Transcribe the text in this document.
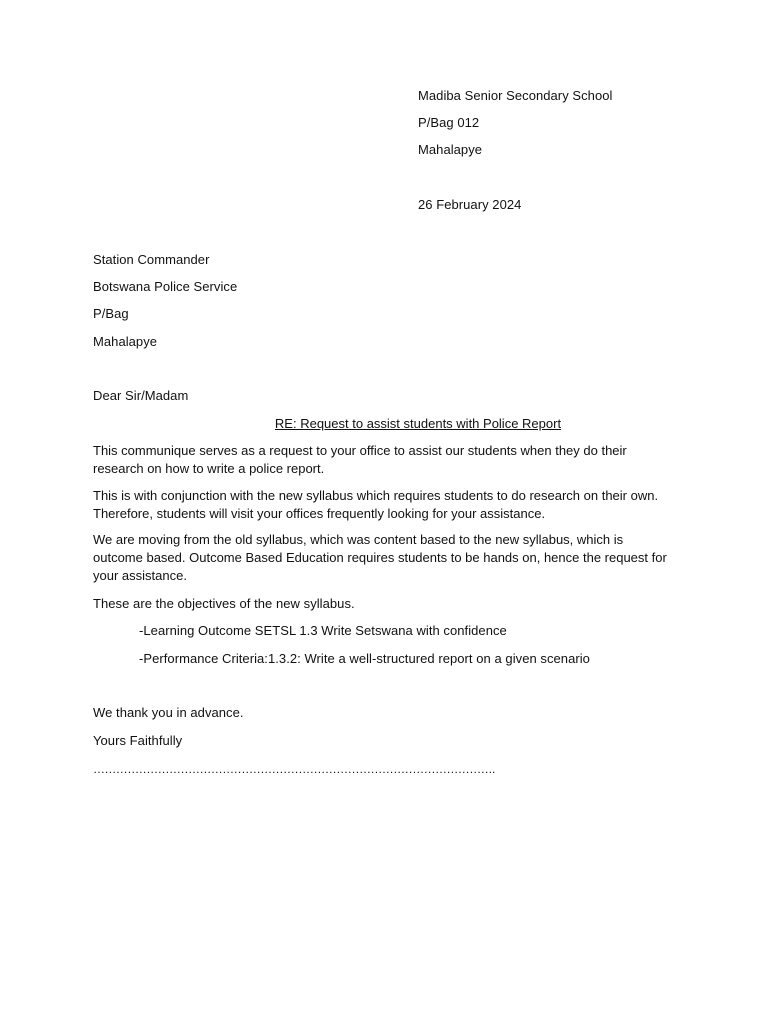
Madiba Senior Secondary School
P/Bag 012
Mahalapye
26 February 2024
Station Commander
Botswana Police Service
P/Bag
Mahalapye
Dear Sir/Madam
RE: Request to assist students with Police Report
This communique serves as a request to your office to assist our students when they do their research on how to write a police report.
This is with conjunction with the new syllabus which requires students to do research on their own. Therefore, students will visit your offices frequently looking for your assistance.
We are moving from the old syllabus, which was content based to the new syllabus, which is outcome based. Outcome Based Education requires students to be hands on, hence the request for your assistance.
These are the objectives of the new syllabus.
-Learning Outcome SETSL 1.3 Write Setswana with confidence
-Performance Criteria:1.3.2: Write a well-structured report on a given scenario
We thank you in advance.
Yours Faithfully
…………………………………………………………………………………………….
